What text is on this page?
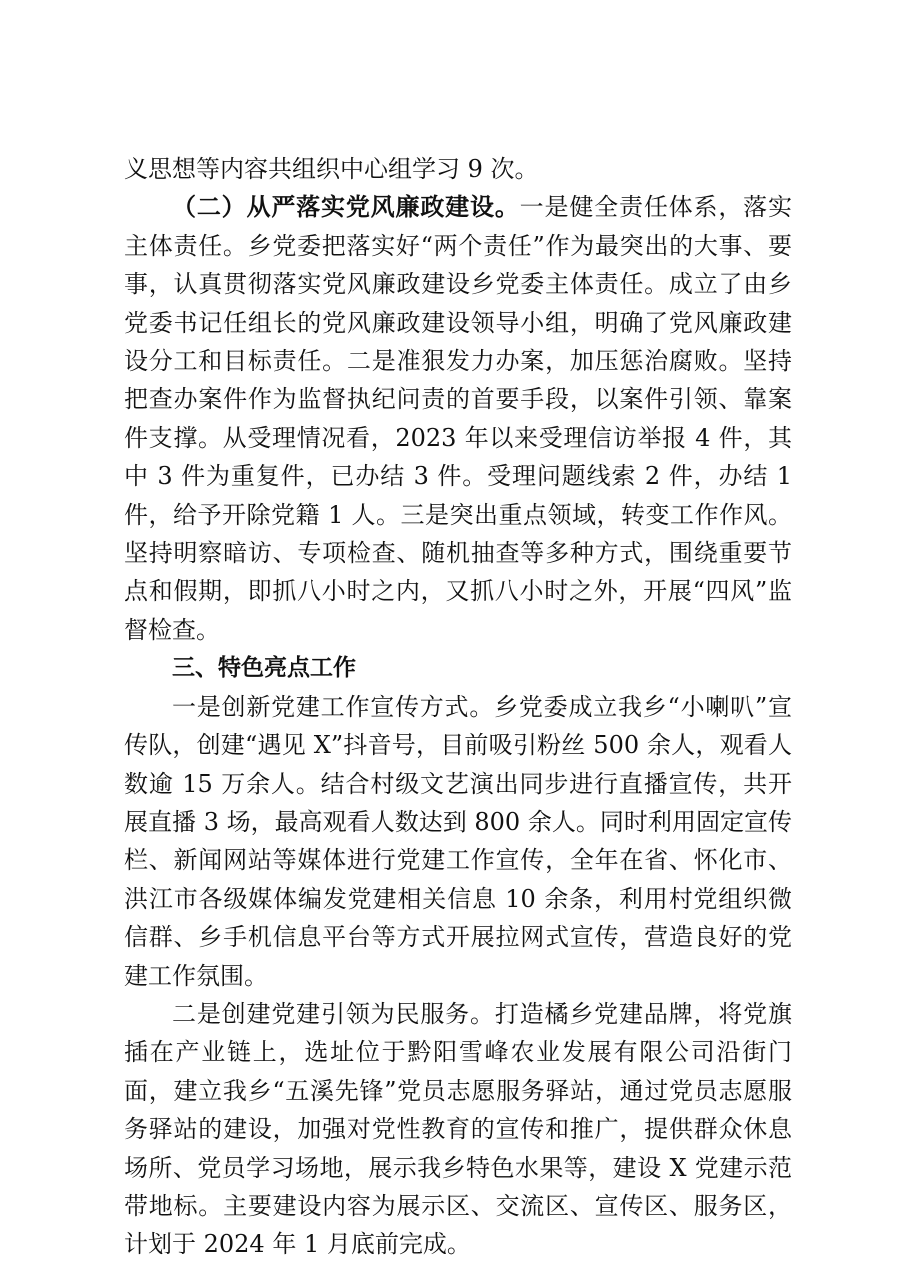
义思想等内容共组织中心组学习 9 次。

（二）从严落实党风廉政建设。一是健全责任体系，落实主体责任。乡党委把落实好“两个责任”作为最突出的大事、要事，认真贯彻落实党风廉政建设乡党委主体责任。成立了由乡党委书记任组长的党风廉政建设领导小组，明确了党风廉政建设分工和目标责任。二是准狠发力办案，加压惩治腐败。坚持把查办案件作为监督执纪问责的首要手段，以案件引领、靠案件支撑。从受理情况看，2023 年以来受理信访举报 4 件，其中 3 件为重复件，已办结 3 件。受理问题线索 2 件，办结 1 件，给予开除党籍 1 人。三是突出重点领域，转变工作作风。坚持明察暗访、专项检查、随机抽查等多种方式，围绕重要节点和假期，即抓八小时之内，又抓八小时之外，开展“四风”监督检查。

三、特色亮点工作

一是创新党建工作宣传方式。乡党委成立我乡“小喇叭”宣传队，创建“遇见 X”抖音号，目前吸引粉丝 500 余人，观看人数逾 15 万余人。结合村级文艺演出同步进行直播宣传，共开展直播 3 场，最高观看人数达到 800 余人。同时利用固定宣传栏、新闻网站等媒体进行党建工作宣传，全年在省、怀化市、洪江市各级媒体编发党建相关信息 10 余条，利用村党组织微信群、乡手机信息平台等方式开展拉网式宣传，营造良好的党建工作氛围。

二是创建党建引领为民服务。打造橘乡党建品牌，将党旗插在产业链上，选址位于黔阳雪峰农业发展有限公司沿街门面，建立我乡“五溪先锋”党员志愿服务驿站，通过党员志愿服务驿站的建设，加强对党性教育的宣传和推广，提供群众休息场所、党员学习场地，展示我乡特色水果等，建设 X 党建示范带地标。主要建设内容为展示区、交流区、宣传区、服务区，计划于 2024 年 1 月底前完成。
